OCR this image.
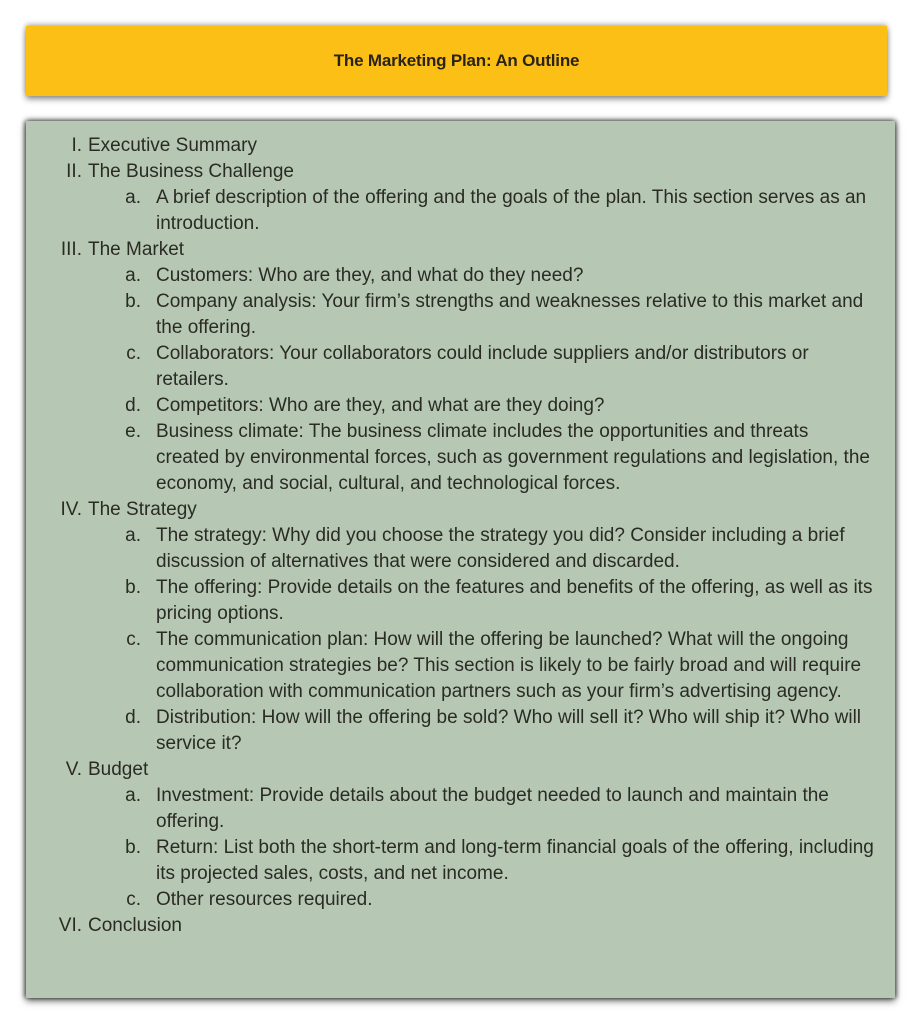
The Marketing Plan: An Outline
I. Executive Summary
II. The Business Challenge
a. A brief description of the offering and the goals of the plan. This section serves as an introduction.
III. The Market
a. Customers: Who are they, and what do they need?
b. Company analysis: Your firm’s strengths and weaknesses relative to this market and the offering.
c. Collaborators: Your collaborators could include suppliers and/or distributors or retailers.
d. Competitors: Who are they, and what are they doing?
e. Business climate: The business climate includes the opportunities and threats created by environmental forces, such as government regulations and legislation, the economy, and social, cultural, and technological forces.
IV. The Strategy
a. The strategy: Why did you choose the strategy you did? Consider including a brief discussion of alternatives that were considered and discarded.
b. The offering: Provide details on the features and benefits of the offering, as well as its pricing options.
c. The communication plan: How will the offering be launched? What will the ongoing communication strategies be? This section is likely to be fairly broad and will require collaboration with communication partners such as your firm’s advertising agency.
d. Distribution: How will the offering be sold? Who will sell it? Who will ship it? Who will service it?
V. Budget
a. Investment: Provide details about the budget needed to launch and maintain the offering.
b. Return: List both the short-term and long-term financial goals of the offering, including its projected sales, costs, and net income.
c. Other resources required.
VI. Conclusion
